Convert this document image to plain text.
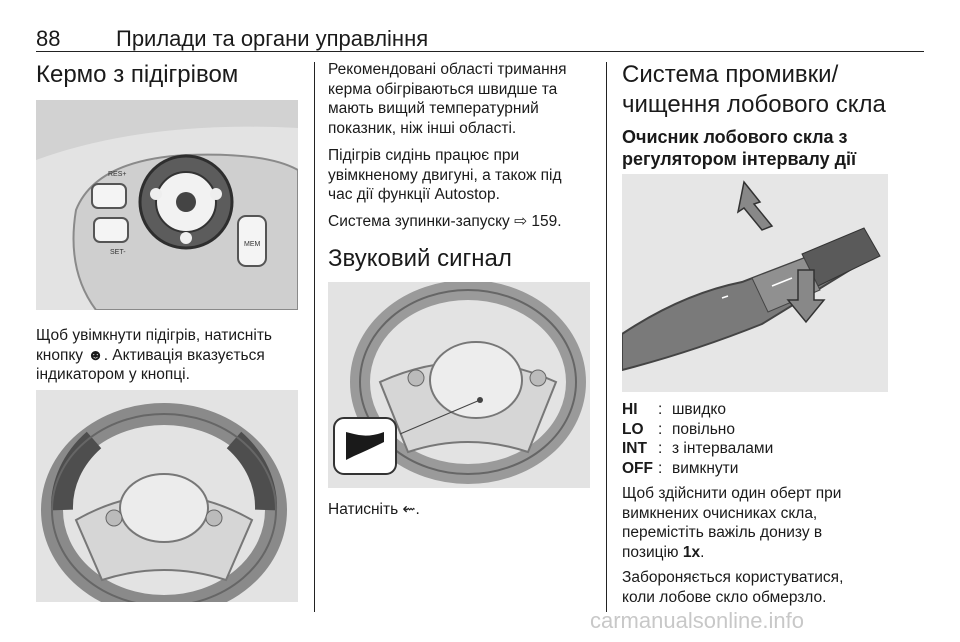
88	Прилади та органи управління
Кермо з підігрівом
RES+
SET-
MEM

Щоб увімкнути підігрів, натисніть
кнопку ☻. Активація вказується
індикатором у кнопці.

Рекомендовані області тримання
керма обігріваються швидше та
мають вищий температурний
показник, ніж інші області.

Підігрів сидінь працює при
увімкненому двигуні, а також під
час дії функції Autostop.

Система зупинки-запуску ⇨ 159.

Звуковий сигнал

Натисніть ⇜.

Система промивки/
чищення лобового скла
Очисник лобового скла з
регулятором інтервалу дії
HI	: швидко
LO : повільно
INT : з інтервалами
OFF : вимкнути

Щоб здійснити один оберт при
вимкнених очисниках скла,
перемістіть важіль донизу в
позицію 1x.

Забороняється користуватися,
коли лобове скло обмерзло.

carmanualsonline.info
